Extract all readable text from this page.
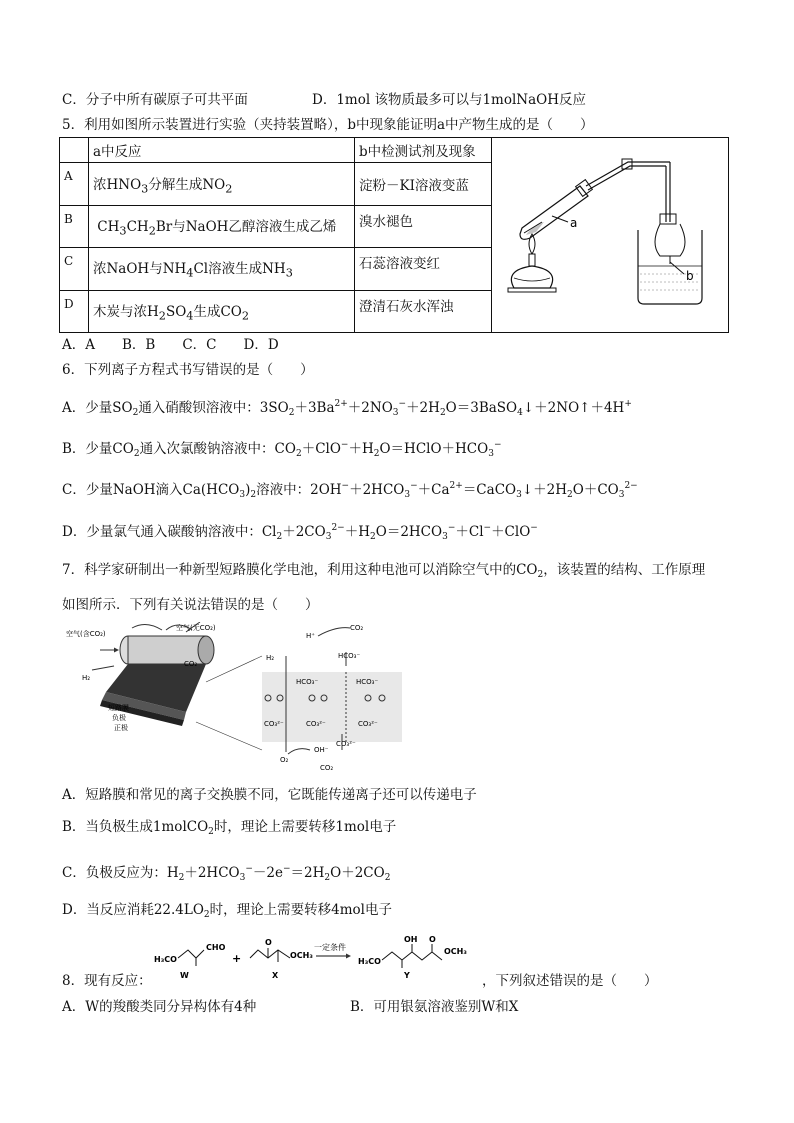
C．分子中所有碳原子可共平面	D．1mol 该物质最多可以与1molNaOH反应
5．利用如图所示装置进行实验（夹持装置略），b中现象能证明a中产物生成的是（　　）
	a中反应	b中检测试剂及现象	a
b

A	浓$HNO_3$分解生成$NO_2$	淀粉－KI溶液变蓝	
B	$CH_3CH_2Br$与NaOH乙醇溶液生成乙烯	溴水褪色	
C	浓NaOH与$NH_4Cl$溶液生成$NH_3$	石蕊溶液变红	
D	木炭与浓$H_2SO_4$生成$CO_2$	澄清石灰水浑浊	
A．A　　B．B　　C．C　　D．D
6．下列离子方程式书写错误的是（　　）
A．少量$SO_2$通入硝酸钡溶液中：$3SO_2+3Ba^{2+}+2NO_3^-+2H_2O=3BaSO_4↓+2NO↑+4H^+$
B．少量$CO_2$通入次氯酸钠溶液中：$CO_2+ClO^-+H_2O=HClO+HCO_3^-$
C．少量NaOH滴入$Ca(HCO_3)_2$溶液中：$2OH^-+2HCO_3^-+Ca^{2+}=CaCO_3↓+2H_2O+CO_3^{2-}$
D．少量氯气通入碳酸钠溶液中：$Cl_2+2CO_3^{2-}+H_2O=2HCO_3^-+Cl^-+ClO^-$
7．科学家研制出一种新型短路膜化学电池，利用这种电池可以消除空气中的$CO_2$，该装置的结构、工作原理
如图所示．下列有关说法错误的是（　　）
空气(含CO₂)
空气(无CO₂)
CO₂
H₂
短路膜
负极
正极
H₂
H⁺
CO₂
HCO₃⁻
HCO₃⁻
HCO₃⁻
CO₃²⁻	CO₃²⁻	CO₃²⁻
CO₃²⁻
O₂
OH⁻
CO₂
A．短路膜和常见的离子交换膜不同，它既能传递离子还可以传递电子
B．当负极生成1molCO$_2$时，理论上需要转移1mol电子
C．负极反应为：$H_2+2HCO_3^--2e^-=2H_2O+2CO_2$
D．当反应消耗$22.4LO_2$时，理论上需要转移4mol电子
H₃CO
CHO
W
+
O
OCH₃
X
一定条件
H₃CO
OH O
OCH₃
Y
8．现有反应：	，下列叙述错误的是（　　）
A．W的羧酸类同分异构体有4种	B．可用银氨溶液鉴别W和X
